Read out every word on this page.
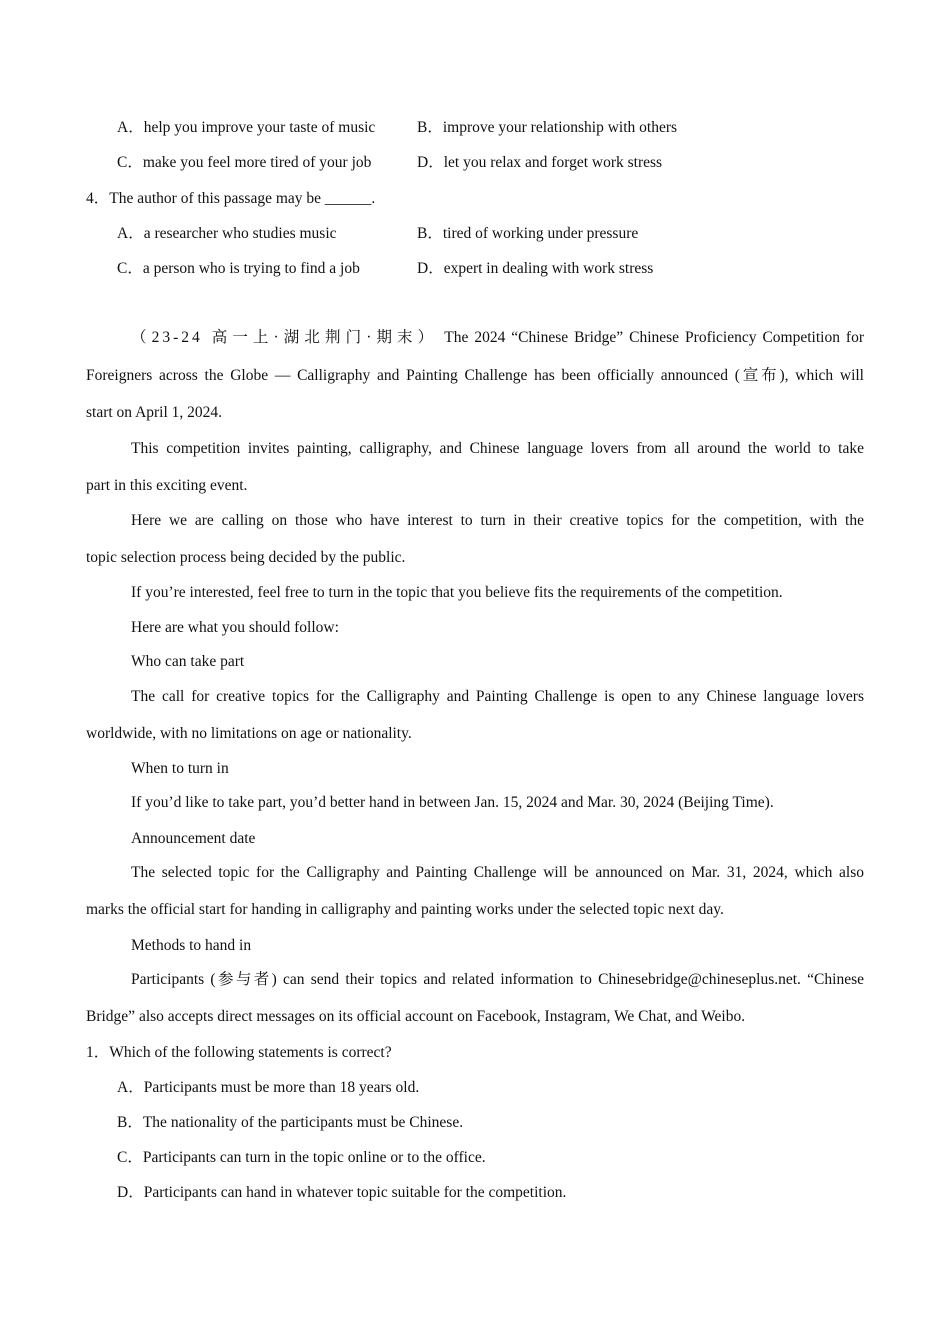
A．help you improve your taste of music	B．improve your relationship with others
C．make you feel more tired of your job	D．let you relax and forget work stress
4．The author of this passage may be ______.
A．a researcher who studies music	B．tired of working under pressure
C．a person who is trying to find a job	D．expert in dealing with work stress
（23-24 高一上·湖北荆门·期末） The 2024 “Chinese Bridge” Chinese Proficiency Competition for
Foreigners across the Globe — Calligraphy and Painting Challenge has been officially announced (宣布), which will
start on April 1, 2024.
This competition invites painting, calligraphy, and Chinese language lovers from all around the world to take
part in this exciting event.
Here we are calling on those who have interest to turn in their creative topics for the competition, with the
topic selection process being decided by the public.
If you’re interested, feel free to turn in the topic that you believe fits the requirements of the competition.
Here are what you should follow:
Who can take part
The call for creative topics for the Calligraphy and Painting Challenge is open to any Chinese language lovers
worldwide, with no limitations on age or nationality.
When to turn in
If you’d like to take part, you’d better hand in between Jan. 15, 2024 and Mar. 30, 2024 (Beijing Time).
Announcement date
The selected topic for the Calligraphy and Painting Challenge will be announced on Mar. 31, 2024, which also
marks the official start for handing in calligraphy and painting works under the selected topic next day.
Methods to hand in
Participants (参与者) can send their topics and related information to Chinesebridge@chineseplus.net. “Chinese
Bridge” also accepts direct messages on its official account on Facebook, Instagram, We Chat, and Weibo.
1．Which of the following statements is correct?
A．Participants must be more than 18 years old.
B．The nationality of the participants must be Chinese.
C．Participants can turn in the topic online or to the office.
D．Participants can hand in whatever topic suitable for the competition.
